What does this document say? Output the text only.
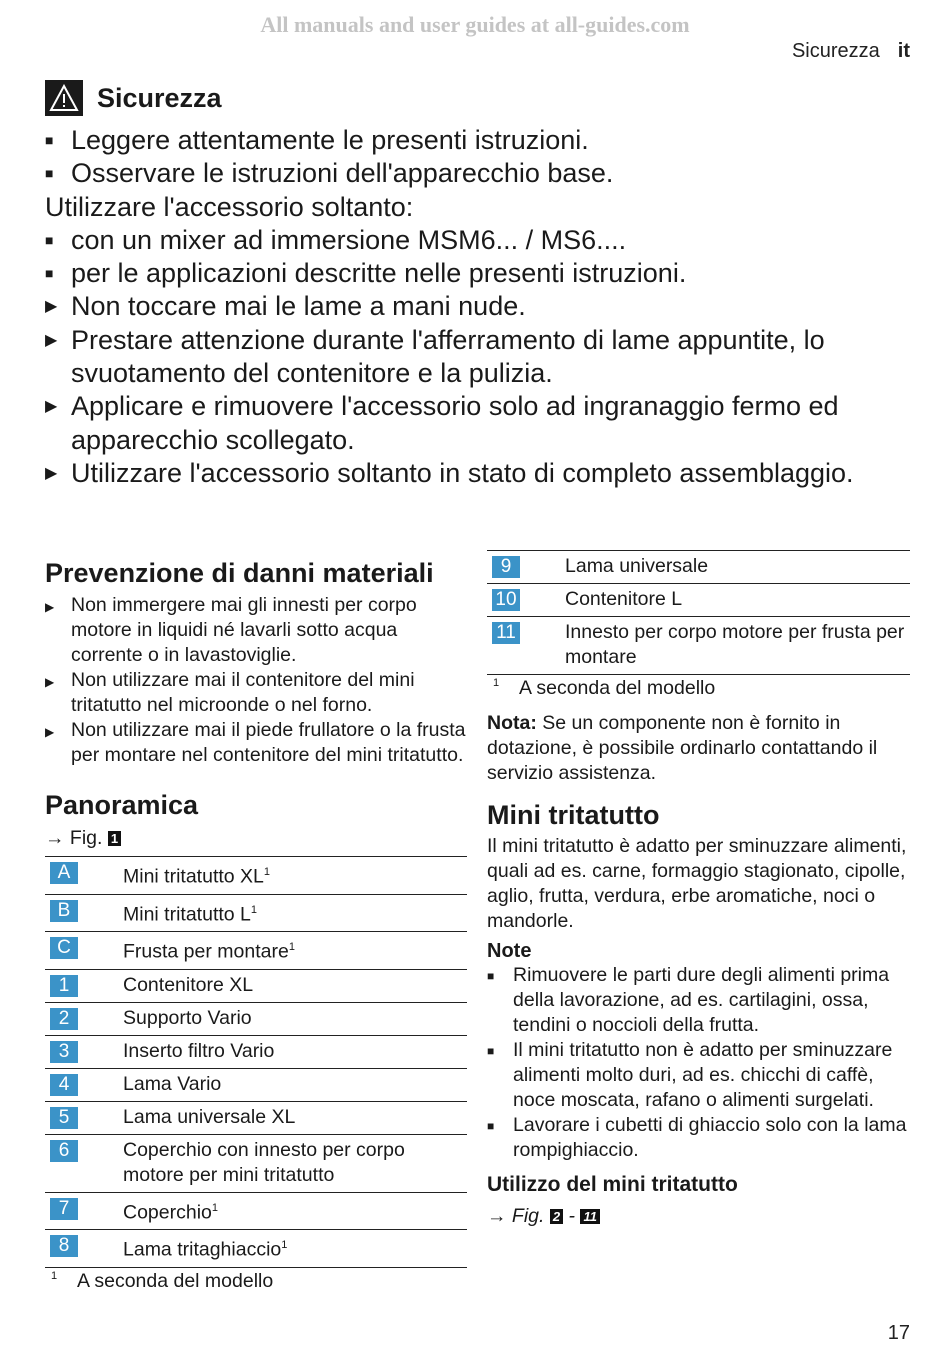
All manuals and user guides at all-guides.com
Sicurezza it
Sicurezza
■ Leggere attentamente le presenti istruzioni.
■ Osservare le istruzioni dell'apparecchio base.
Utilizzare l'accessorio soltanto:
■ con un mixer ad immersione MSM6... / MS6....
■ per le applicazioni descritte nelle presenti istruzioni.
▶ Non toccare mai le lame a mani nude.
▶ Prestare attenzione durante l'afferramento di lame appuntite, lo svuotamento del contenitore e la pulizia.
▶ Applicare e rimuovere l'accessorio solo ad ingranaggio fermo ed apparecchio scollegato.
▶ Utilizzare l'accessorio soltanto in stato di completo assemblaggio.
Prevenzione di danni materiali
▶ Non immergere mai gli innesti per corpo motore in liquidi né lavarli sotto acqua corrente o in lavastoviglie.
▶ Non utilizzare mai il contenitore del mini tritatutto nel microonde o nel forno.
▶ Non utilizzare mai il piede frullatore o la frusta per montare nel contenitore del mini tritatutto.
Panoramica
→ Fig. 1
A	Mini tritatutto $XL^1$
B	Mini tritatutto $L^1$
C	Frusta per montare$^1$
1	Contenitore XL
2	Supporto Vario
3	Inserto filtro Vario
4	Lama Vario
5	Lama universale XL
6	Coperchio con innesto per corpo motore per mini tritatutto
7	Coperchio$^1$
8	Lama tritaghiaccio$^1$
1	A seconda del modello
9	Lama universale
10	Contenitore L
11	Innesto per corpo motore per frusta per montare
1	A seconda del modello

Nota: Se un componente non è fornito in dotazione, è possibile ordinarlo contattando il servizio assistenza.

Mini tritatutto

Il mini tritatutto è adatto per sminuzzare alimenti, quali ad es. carne, formaggio stagionato, cipolle, aglio, frutta, verdura, erbe aromatiche, noci o mandorle.

Note
■ Rimuovere le parti dure degli alimenti prima della lavorazione, ad es. cartilagini, ossa, tendini o noccioli della frutta.
■ Il mini tritatutto non è adatto per sminuzzare alimenti molto duri, ad es. chicchi di caffè, noce moscata, rafano o alimenti surgelati.
■ Lavorare i cubetti di ghiaccio solo con la lama rompighiaccio.
Utilizzo del mini tritatutto
→ Fig. 2 - 11
17
